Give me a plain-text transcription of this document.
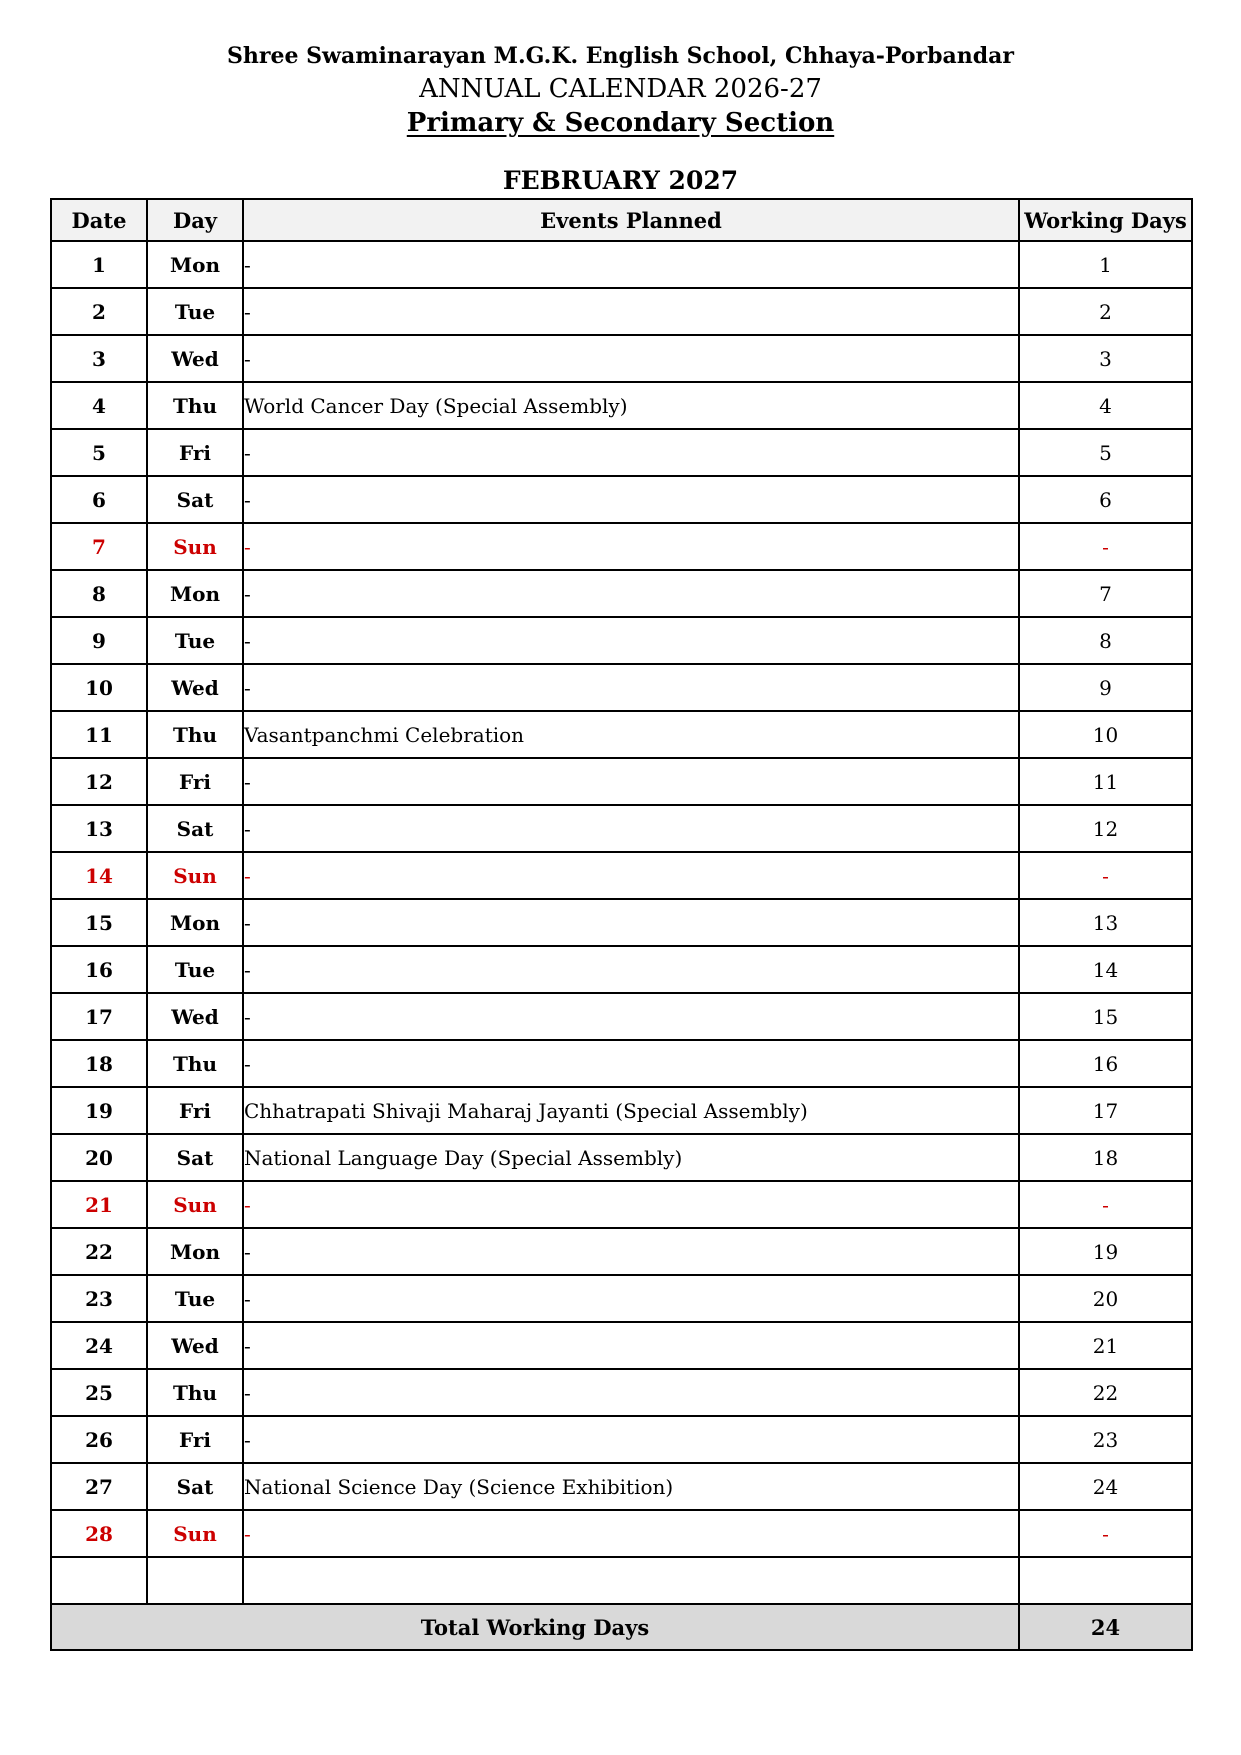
Shree Swaminarayan M.G.K. English School, Chhaya-Porbandar
ANNUAL CALENDAR 2026-27
Primary & Secondary Section
FEBRUARY 2027
Date	Day	Events Planned	Working Days
1	Mon	-	1
2	Tue	-	2
3	Wed	-	3
4	Thu	World Cancer Day (Special Assembly)	4
5	Fri	-	5
6	Sat	-	6
7	Sun	-	-
8	Mon	-	7
9	Tue	-	8
10	Wed	-	9
11	Thu	Vasantpanchmi Celebration	10
12	Fri	-	11
13	Sat	-	12
14	Sun	-	-
15	Mon	-	13
16	Tue	-	14
17	Wed	-	15
18	Thu	-	16
19	Fri	Chhatrapati Shivaji Maharaj Jayanti (Special Assembly)	17
20	Sat	National Language Day (Special Assembly)	18
21	Sun	-	-
22	Mon	-	19
23	Tue	-	20
24	Wed	-	21
25	Thu	-	22
26	Fri	-	23
27	Sat	National Science Day (Science Exhibition)	24
28	Sun	-	-

Total Working Days			24
